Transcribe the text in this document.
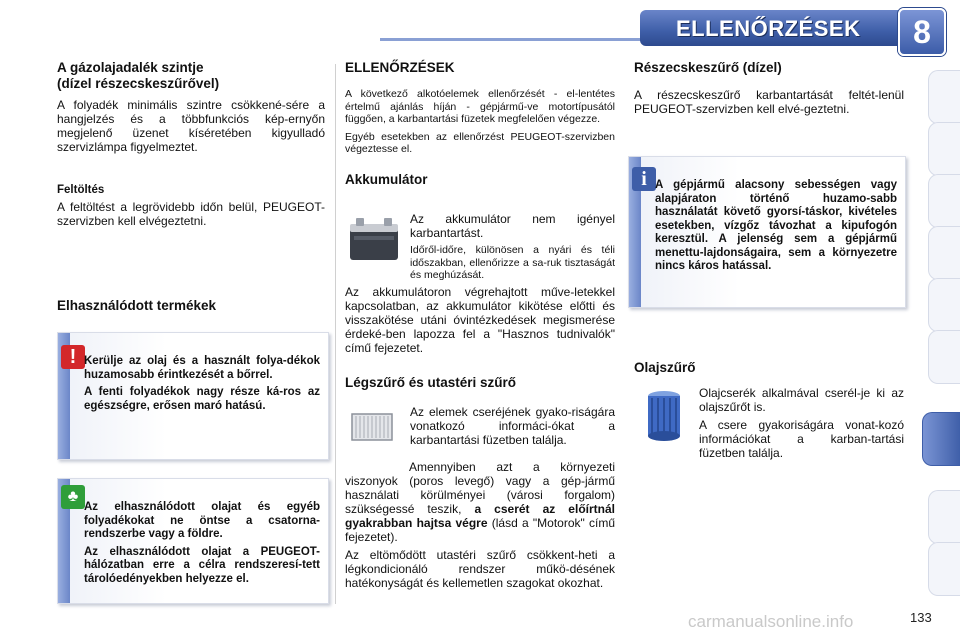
ELLENŐRZÉSEK	8
A gázolajadalék szintje
(dízel részecskeszűrővel)

A folyadék minimális szintre csökkené-sére a hangjelzés és a többfunkciós kép-ernyőn megjelenő üzenet kíséretében kigyulladó szervizlámpa figyelmeztet.

Feltöltés

A feltöltést a legrövidebb időn belül, PEUGEOT-szervizben kell elvégeztetni.

Elhasználódott termékek
! Kerülje az olaj és a használt folya-dékok huzamosabb érintkezését a bőrrel.

A fenti folyadékok nagy része ká-ros az egészségre, erősen maró hatású.

♣

Az elhasználódott olajat és egyéb folyadékokat ne öntse a csatorna-rendszerbe vagy a földre.

Az elhasználódott olajat a PEUGEOT-hálózatban erre a célra rendszeresí-tett tárolóedényekben helyezze el.

ELLENŐRZÉSEK

A következő alkotóelemek ellenőrzését - el-lentétes értelmű ajánlás híján - gépjármű-ve motortípusától függően, a karbantartási füzetek megfelelően végezze.

Egyéb esetekben az ellenőrzést PEUGEOT-szervizben végeztesse el.

Akkumulátor

Az akkumulátor nem igényel karbantartást.

Időről-időre, különösen a nyári és téli időszakban, ellenőrizze a sa-ruk tisztaságát és meghúzását.

Az akkumulátoron végrehajtott műve-letekkel kapcsolatban, az akkumulátor kikötése előtti és visszakötése utáni óvintézkedések megismerése érdeké-ben lapozza fel a "Hasznos tudnivalók" című fejezetet.

Légszűrő és utastéri szűrő

Az elemek cseréjének gyako-riságára vonatkozó informáci-ókat a karbantartási füzetben találja.

Amennyiben azt a környezeti viszonyok (poros levegő) vagy a gép-jármű használati körülményei (városi forgalom) szükségessé teszik, a cserét az előírtnál gyakrabban hajtsa végre (lásd a "Motorok" című fejezetet).

Az eltömődött utastéri szűrő csökkent-heti a légkondicionáló rendszer műkö-désének hatékonyságát és kellemetlen szagokat okozhat.

Részecskeszűrő (dízel)

A részecskeszűrő karbantartását feltét-lenül PEUGEOT-szervizben kell elvé-geztetni.

i A gépjármű alacsony sebességen vagy alapjáraton történő huzamo-sabb használatát követő gyorsí-táskor, kivételes esetekben, vízgőz távozhat a kipufogón keresztül. A jelenség sem a gépjármű menettu-lajdonságaira, sem a környezetre nincs káros hatással.

Olajszűrő

Olajcserék alkalmával cserél-je ki az olajszűrőt is.

A csere gyakoriságára vonat-kozó információkat a karban-tartási füzetben találja.

carmanualsonline.info	133
